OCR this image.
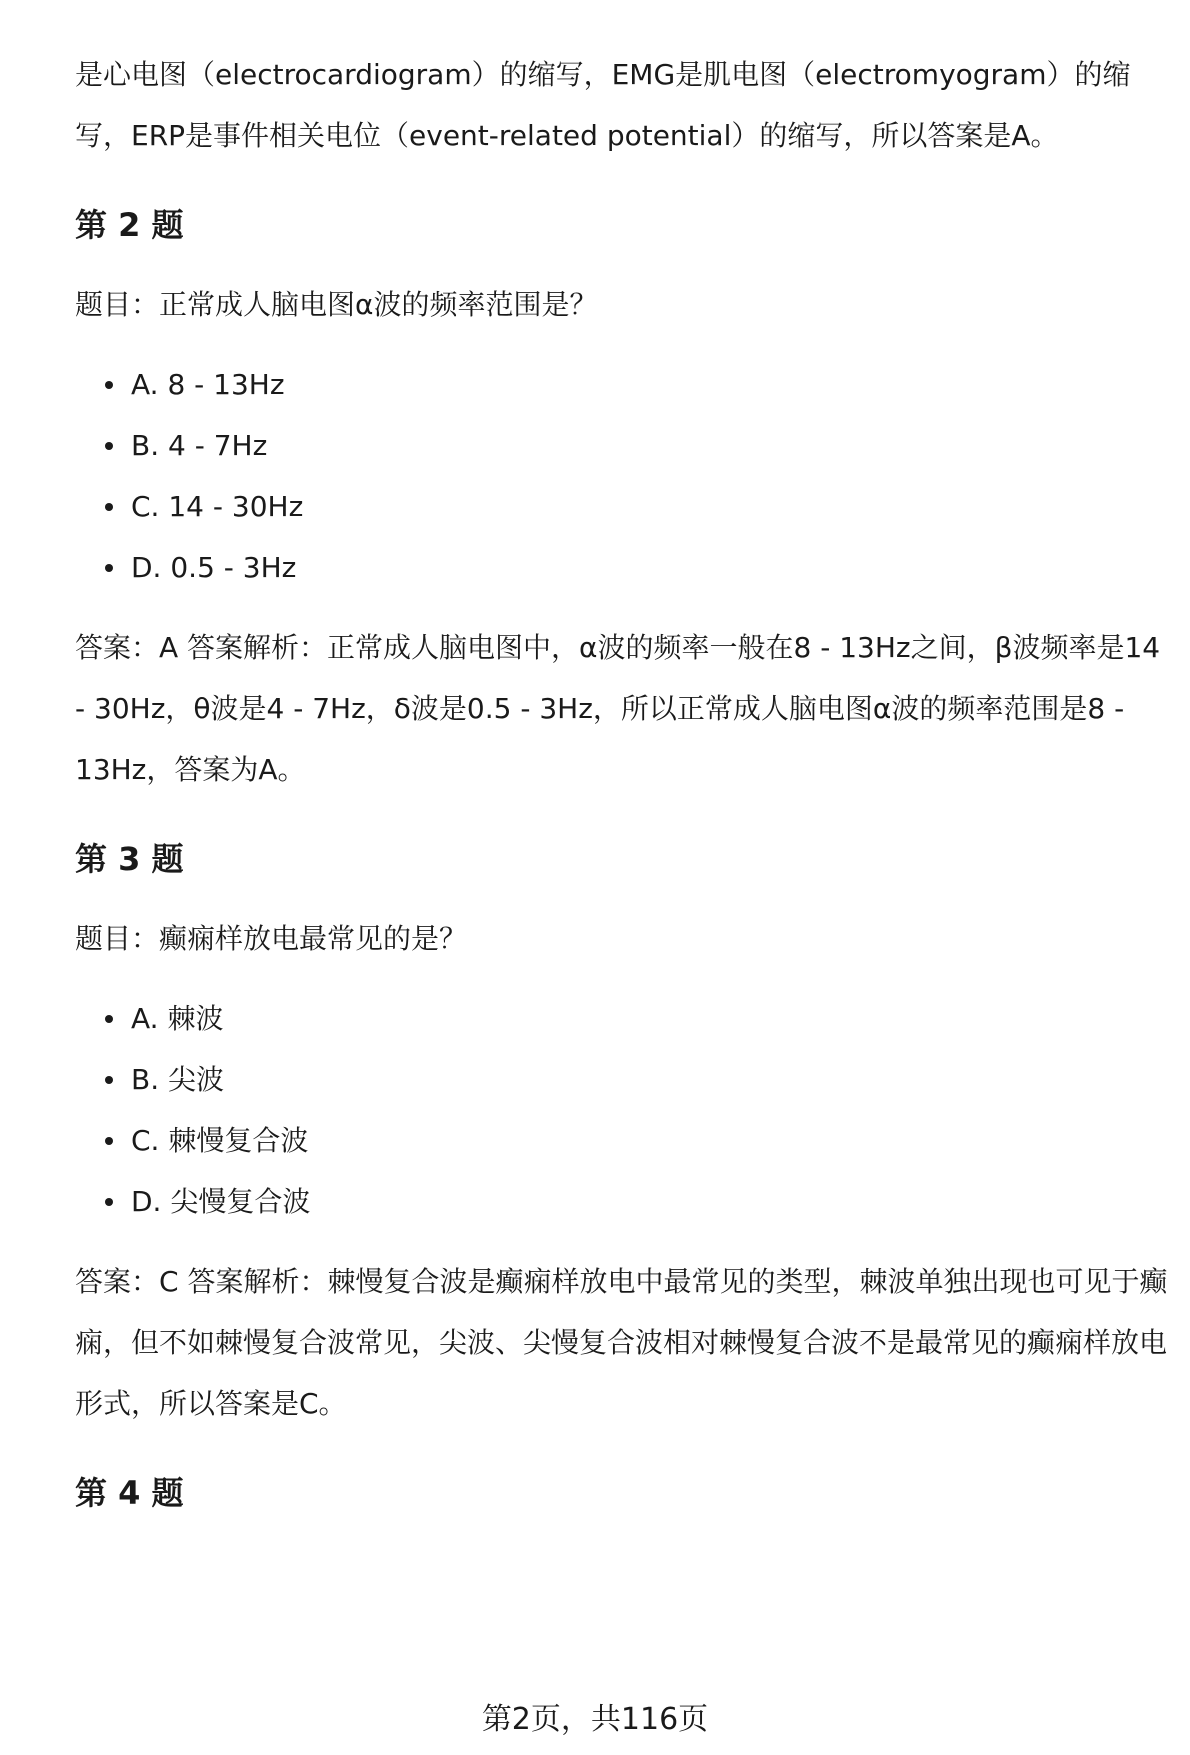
是心电图（electrocardiogram）的缩写，EMG是肌电图（electromyogram）的缩写，ERP是事件相关电位（event-related potential）的缩写，所以答案是A。

第 2 题

题目：正常成人脑电图α波的频率范围是？

A. 8 - 13Hz
B. 4 - 7Hz
C. 14 - 30Hz
D. 0.5 - 3Hz

答案：A 答案解析：正常成人脑电图中，α波的频率一般在8 - 13Hz之间，β波频率是14 - 30Hz，θ波是4 - 7Hz，δ波是0.5 - 3Hz，所以正常成人脑电图α波的频率范围是8 - 13Hz，答案为A。

第 3 题

题目：癫痫样放电最常见的是？

A. 棘波
B. 尖波
C. 棘慢复合波
D. 尖慢复合波

答案：C 答案解析：棘慢复合波是癫痫样放电中最常见的类型，棘波单独出现也可见于癫痫，但不如棘慢复合波常见，尖波、尖慢复合波相对棘慢复合波不是最常见的癫痫样放电形式，所以答案是C。

第 4 题
第2页，共116页
